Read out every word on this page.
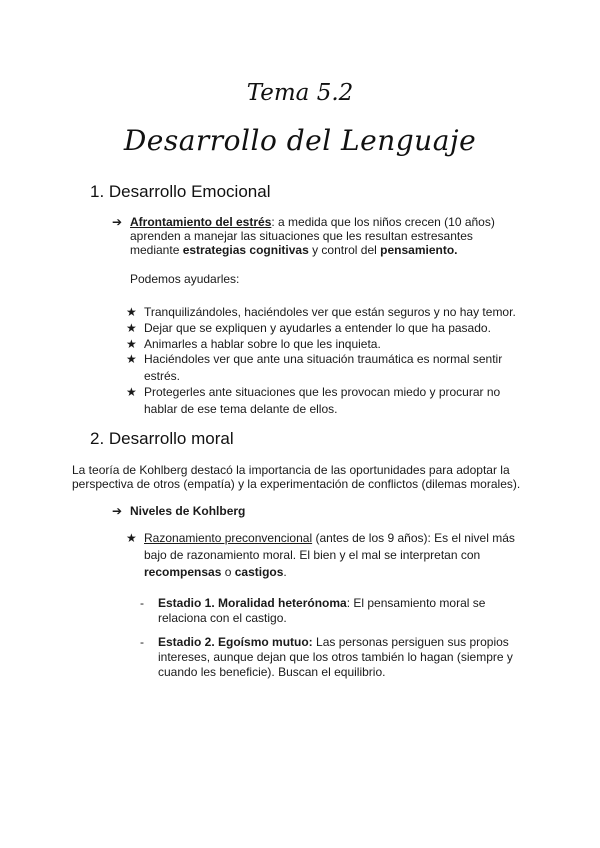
Tema 5.2
Desarrollo del Lenguaje
1. Desarrollo Emocional
➔ Afrontamiento del estrés: a medida que los niños crecen (10 años)
aprenden a manejar las situaciones que les resultan estresantes
mediante estrategias cognitivas y control del pensamiento.
Podemos ayudarles:
★ Tranquilizándoles, haciéndoles ver que están seguros y no hay temor.
★ Dejar que se expliquen y ayudarles a entender lo que ha pasado.
★ Animarles a hablar sobre lo que les inquieta.
★ Haciéndoles ver que ante una situación traumática es normal sentir estrés.
★ Protegerles ante situaciones que les provocan miedo y procurar no hablar de ese tema delante de ellos.
2. Desarrollo moral
La teoría de Kohlberg destacó la importancia de las oportunidades para adoptar la perspectiva de otros (empatía) y la experimentación de conflictos (dilemas morales).
➔ Niveles de Kohlberg
★ Razonamiento preconvencional (antes de los 9 años): Es el nivel más bajo de razonamiento moral. El bien y el mal se interpretan con recompensas o castigos.
- Estadio 1. Moralidad heterónoma: El pensamiento moral se relaciona con el castigo.
- Estadio 2. Egoísmo mutuo: Las personas persiguen sus propios intereses, aunque dejan que los otros también lo hagan (siempre y cuando les beneficie). Buscan el equilibrio.
